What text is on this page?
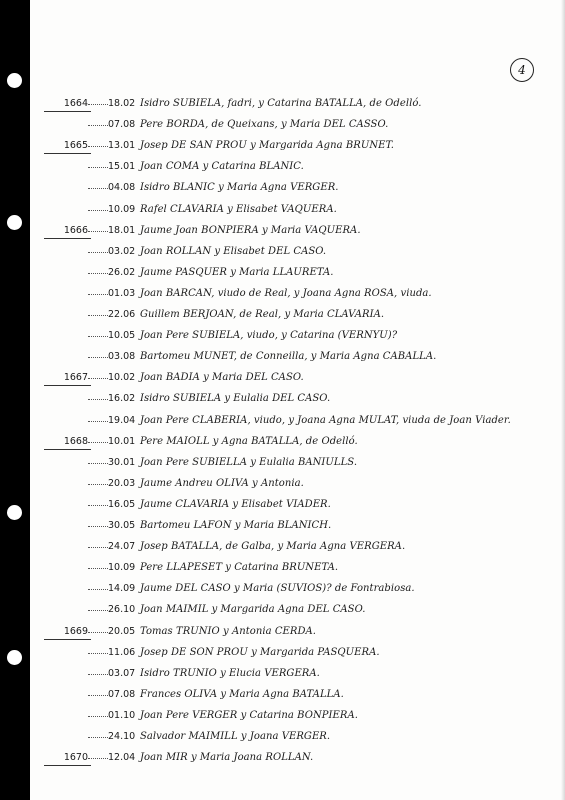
4
1664 18.02 Isidro SUBIELA, fadri, y Catarina BATALLA, de Odelló.
07.08 Pere BORDA, de Queixans, y Maria DEL CASSO.
1665 13.01 Josep DE SAN PROU y Margarida Agna BRUNET.
15.01 Joan COMA y Catarina BLANIC.
04.08 Isidro BLANIC y Maria Agna VERGER.
10.09 Rafel CLAVARIA y Elisabet VAQUERA.
1666 18.01 Jaume Joan BONPIERA y Maria VAQUERA.
03.02 Joan ROLLAN y Elisabet DEL CASO.
26.02 Jaume PASQUER y Maria LLAURETA.
01.03 Joan BARCAN, viudo de Real, y Joana Agna ROSA, viuda.
22.06 Guillem BERJOAN, de Real, y Maria CLAVARIA.
10.05 Joan Pere SUBIELA, viudo, y Catarina (VERNYU)?
03.08 Bartomeu MUNET, de Conneilla, y Maria Agna CABALLA.
1667 10.02 Joan BADIA y Maria DEL CASO.
16.02 Isidro SUBIELA y Eulalia DEL CASO.
19.04 Joan Pere CLABERIA, viudo, y Joana Agna MULAT, viuda de Joan Viader.
1668 10.01 Pere MAIOLL y Agna BATALLA, de Odelló.
30.01 Joan Pere SUBIELLA y Eulalia BANIULLS.
20.03 Jaume Andreu OLIVA y Antonia.
16.05 Jaume CLAVARIA y Elisabet VIADER.
30.05 Bartomeu LAFON y Maria BLANICH.
24.07 Josep BATALLA, de Galba, y Maria Agna VERGERA.
10.09 Pere LLAPESET y Catarina BRUNETA.
14.09 Jaume DEL CASO y Maria (SUVIOS)? de Fontrabiosa.
26.10 Joan MAIMIL y Margarida Agna DEL CASO.
1669 20.05 Tomas TRUNIO y Antonia CERDA.
11.06 Josep DE SON PROU y Margarida PASQUERA.
03.07 Isidro TRUNIO y Elucia VERGERA.
07.08 Frances OLIVA y Maria Agna BATALLA.
01.10 Joan Pere VERGER y Catarina BONPIERA.
24.10 Salvador MAIMILL y Joana VERGER.
1670 12.04 Joan MIR y Maria Joana ROLLAN.
